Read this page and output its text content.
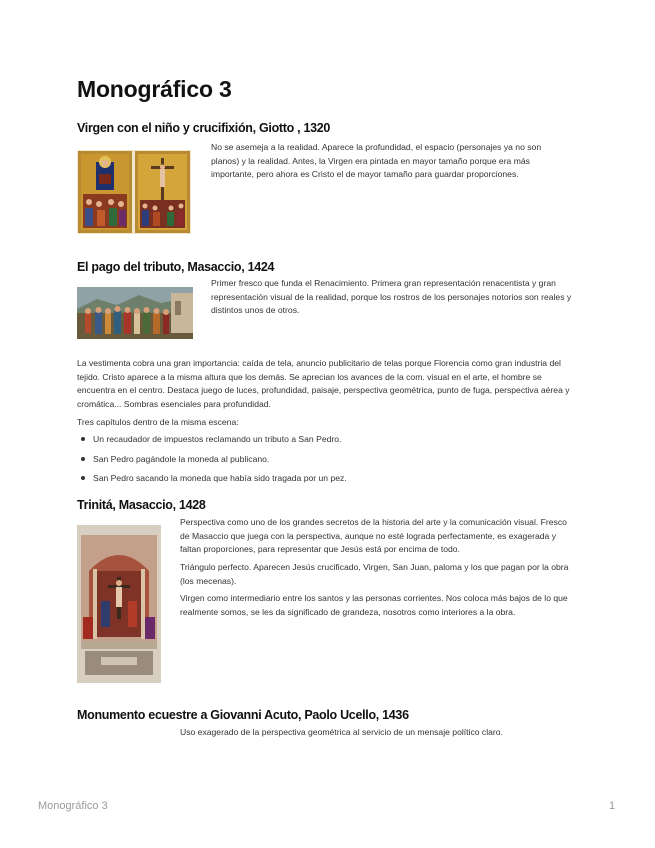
Monográfico 3
Virgen con el niño y crucifixión, Giotto , 1320

No se asemeja a la realidad. Aparece la profundidad, el espacio (personajes ya no son planos) y la realidad. Antes, la Virgen era pintada en mayor tamaño porque era más importante, pero ahora es Cristo el de mayor tamaño para guardar proporciones.

El pago del tributo, Masaccio, 1424

Primer fresco que funda el Renacimiento. Primera gran representación renacentista y gran representación visual de la realidad, porque los rostros de los personajes notorios son reales y distintos unos de otros.

La vestimenta cobra una gran importancia: caída de tela, anuncio publicitario de telas porque Florencia como gran industria del tejido. Cristo aparece a la misma altura que los demás. Se aprecian los avances de la com. visual en el arte, el hombre se encuentra en el centro. Destaca juego de luces, profundidad, paisaje, perspectiva geométrica, punto de fuga, perspectiva aérea y cromática... Sombras esenciales para profundidad.

Tres capítulos dentro de la misma escena:

Un recaudador de impuestos reclamando un tributo a San Pedro.
San Pedro pagándole la moneda al publicano.
San Pedro sacando la moneda que había sido tragada por un pez.
Trinitá, Masaccio, 1428

Perspectiva como uno de los grandes secretos de la historia del arte y la comunicación visual. Fresco de Masaccio que juega con la perspectiva, aunque no esté lograda perfectamente, es exagerada y faltan proporciones, para representar que Jesús está por encima de todo.

Triángulo perfecto. Aparecen Jesús crucificado, Virgen, San Juan, paloma y los que pagan por la obra (los mecenas).

Virgen como intermediario entre los santos y las personas corrientes. Nos coloca más bajos de lo que realmente somos, se les da significado de grandeza, nosotros como interiores a la obra.

Monumento ecuestre a Giovanni Acuto, Paolo Ucello, 1436

Uso exagerado de la perspectiva geométrica al servicio de un mensaje político claro.

Monográfico 3	1
